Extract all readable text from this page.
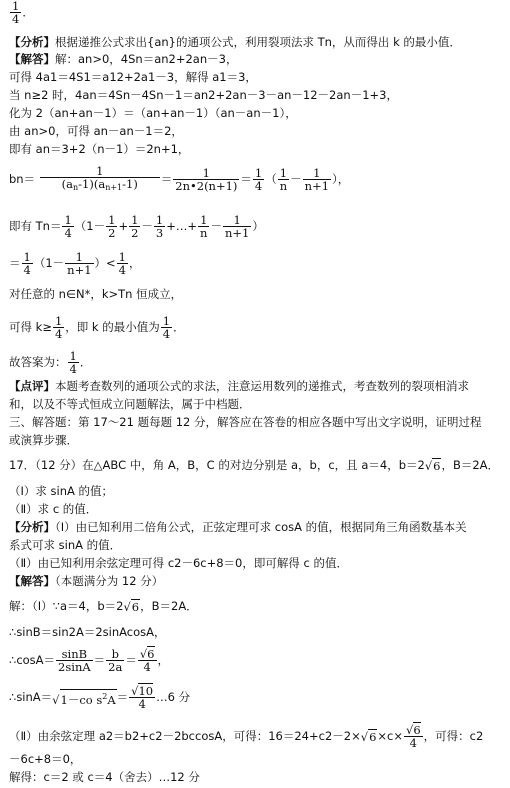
$\frac{1}{4}$ ．
【分析】根据递推公式求出{an}的通项公式，利用裂项法求 Tn，从而得出 k 的最小值．
【解答】解：an>0，4Sn＝an2+2an－3，
可得 4a1＝4S1＝a12+2a1－3，解得 a1＝3，
当 n≥2 时，4an＝4Sn－4Sn－1＝an2+2an－3－an－12－2an－1+3，
化为 2（an+an－1）＝（an+an－1）（an－an－1），
由 an>0，可得 an－an－1＝2，
即有 an＝3+2（n－1）＝2n+1，
$bn= \frac{1}{(a_n-1)(a_{n+1}-1)} = \frac{1}{2n•2(n+1)} = \frac{1}{4}$ （ $\frac{1}{n} - \frac{1}{n+1}$ ），
即有 $Tn= \frac{1}{4} (1- \frac{1}{2} + \frac{1}{2} - \frac{1}{3}$ +…+ $\frac{1}{n} - \frac{1}{n+1}$ ）
＝ $\frac{1}{4} (1- \frac{1}{n+1}$ ）< $\frac{1}{4}$ ，
对任意的 n∈N*，k>Tn 恒成立，
可得 $k\ge \frac{1}{4}$ ，即 k 的最小值为 $\frac{1}{4}$ ．
故答案为： $\frac{1}{4}$ ．
【点评】本题考查数列的通项公式的求法，注意运用数列的递推式，考查数列的裂项相消求
和，以及不等式恒成立问题解法，属于中档题．
三、解答题：第 17～21 题每题 12 分，解答应在答卷的相应各题中写出文字说明，证明过程
或演算步骤．
17．（12 分）在△ABC 中，角 A，B，C 的对边分别是 a，b，c，且 a＝4，b＝2√6，B＝2A．
（Ⅰ）求 sinA 的值；
（Ⅱ）求 c 的值．
【分析】（Ⅰ）由已知利用二倍角公式，正弦定理可求 cosA 的值，根据同角三角函数基本关
系式可求 sinA 的值．
（Ⅱ）由已知利用余弦定理可得 c2－6c+8＝0，即可解得 c 的值．
【解答】（本题满分为 12 分）
解：（Ⅰ）∵a＝4，b＝2√6，B＝2A．
∴sinB＝sin2A＝2sinAcosA，
∴cosA＝ $\frac{\sin B}{2\sin A} = \frac{b}{2a} = \frac{√6}{4}$ ，
∴sinA＝√1－co $s^2A= \frac{√10}{4}$ …6 分
（Ⅱ）由余弦定理 a2＝b2+c2－2bccosA，可得：$16=24+c2-2\times√6\times c\times \frac{√6}{4}$ ，可得：c2
－6c+8＝0，
解得：c＝2 或 c＝4（舍去）…12 分
